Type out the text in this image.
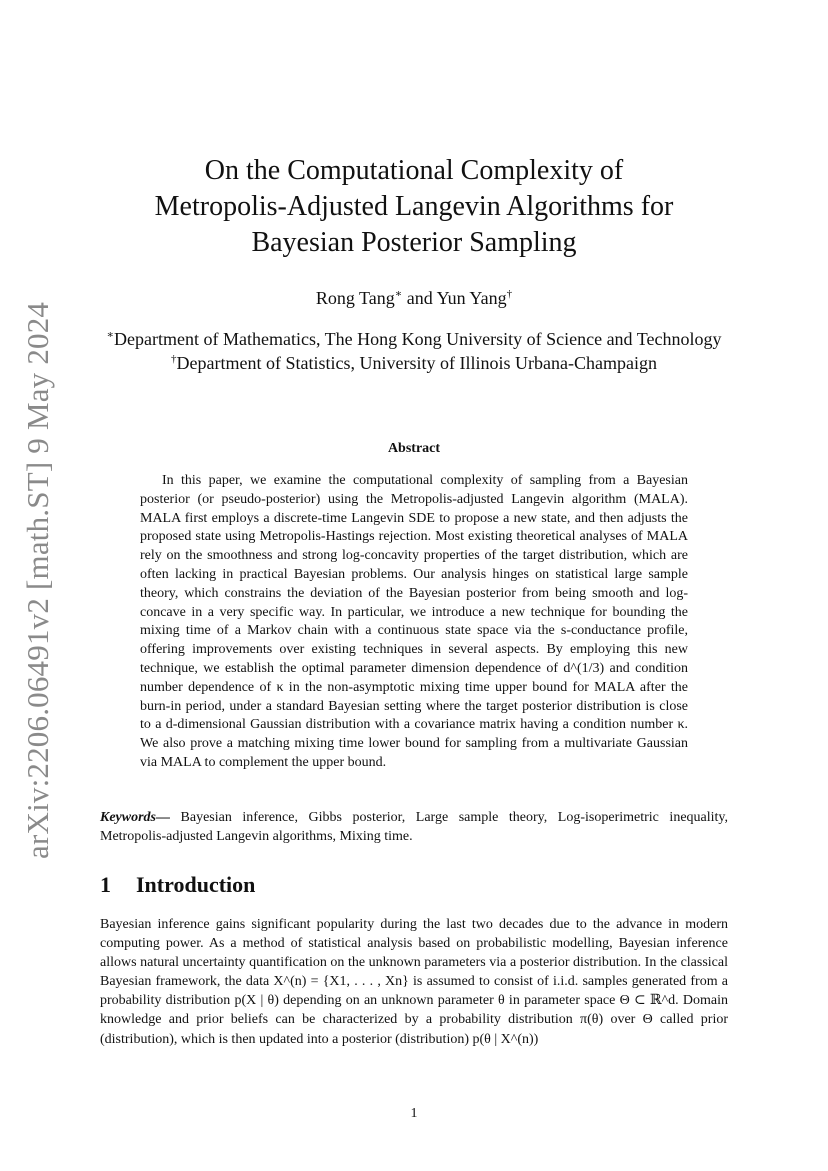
arXiv:2206.06491v2 [math.ST] 9 May 2024
On the Computational Complexity of
Metropolis-Adjusted Langevin Algorithms for
Bayesian Posterior Sampling
Rong Tang∗ and Yun Yang†
∗Department of Mathematics, The Hong Kong University of Science and Technology
†Department of Statistics, University of Illinois Urbana-Champaign
Abstract

In this paper, we examine the computational complexity of sampling from a Bayesian posterior (or pseudo-posterior) using the Metropolis-adjusted Langevin algorithm (MALA). MALA first employs a discrete-time Langevin SDE to propose a new state, and then adjusts the proposed state using Metropolis-Hastings rejection. Most existing theoretical analyses of MALA rely on the smoothness and strong log-concavity properties of the target distribution, which are often lacking in practical Bayesian problems. Our analysis hinges on statistical large sample theory, which constrains the deviation of the Bayesian posterior from being smooth and log-concave in a very specific way. In particular, we introduce a new technique for bounding the mixing time of a Markov chain with a continuous state space via the s-conductance profile, offering improvements over existing techniques in several aspects. By employing this new technique, we establish the optimal parameter dimension dependence of d^(1/3) and condition number dependence of κ in the non-asymptotic mixing time upper bound for MALA after the burn-in period, under a standard Bayesian setting where the target posterior distribution is close to a d-dimensional Gaussian distribution with a covariance matrix having a condition number κ. We also prove a matching mixing time lower bound for sampling from a multivariate Gaussian via MALA to complement the upper bound.

Keywords— Bayesian inference, Gibbs posterior, Large sample theory, Log-isoperimetric inequality, Metropolis-adjusted Langevin algorithms, Mixing time.

1 Introduction

Bayesian inference gains significant popularity during the last two decades due to the advance in modern computing power. As a method of statistical analysis based on probabilistic modelling, Bayesian inference allows natural uncertainty quantification on the unknown parameters via a posterior distribution. In the classical Bayesian framework, the data X^(n) = {X1, . . . , Xn} is assumed to consist of i.i.d. samples generated from a probability distribution p(X | θ) depending on an unknown parameter θ in parameter space Θ ⊂ ℝ^d. Domain knowledge and prior beliefs can be characterized by a probability distribution π(θ) over Θ called prior (distribution), which is then updated into a posterior (distribution) p(θ | X^(n))

1
